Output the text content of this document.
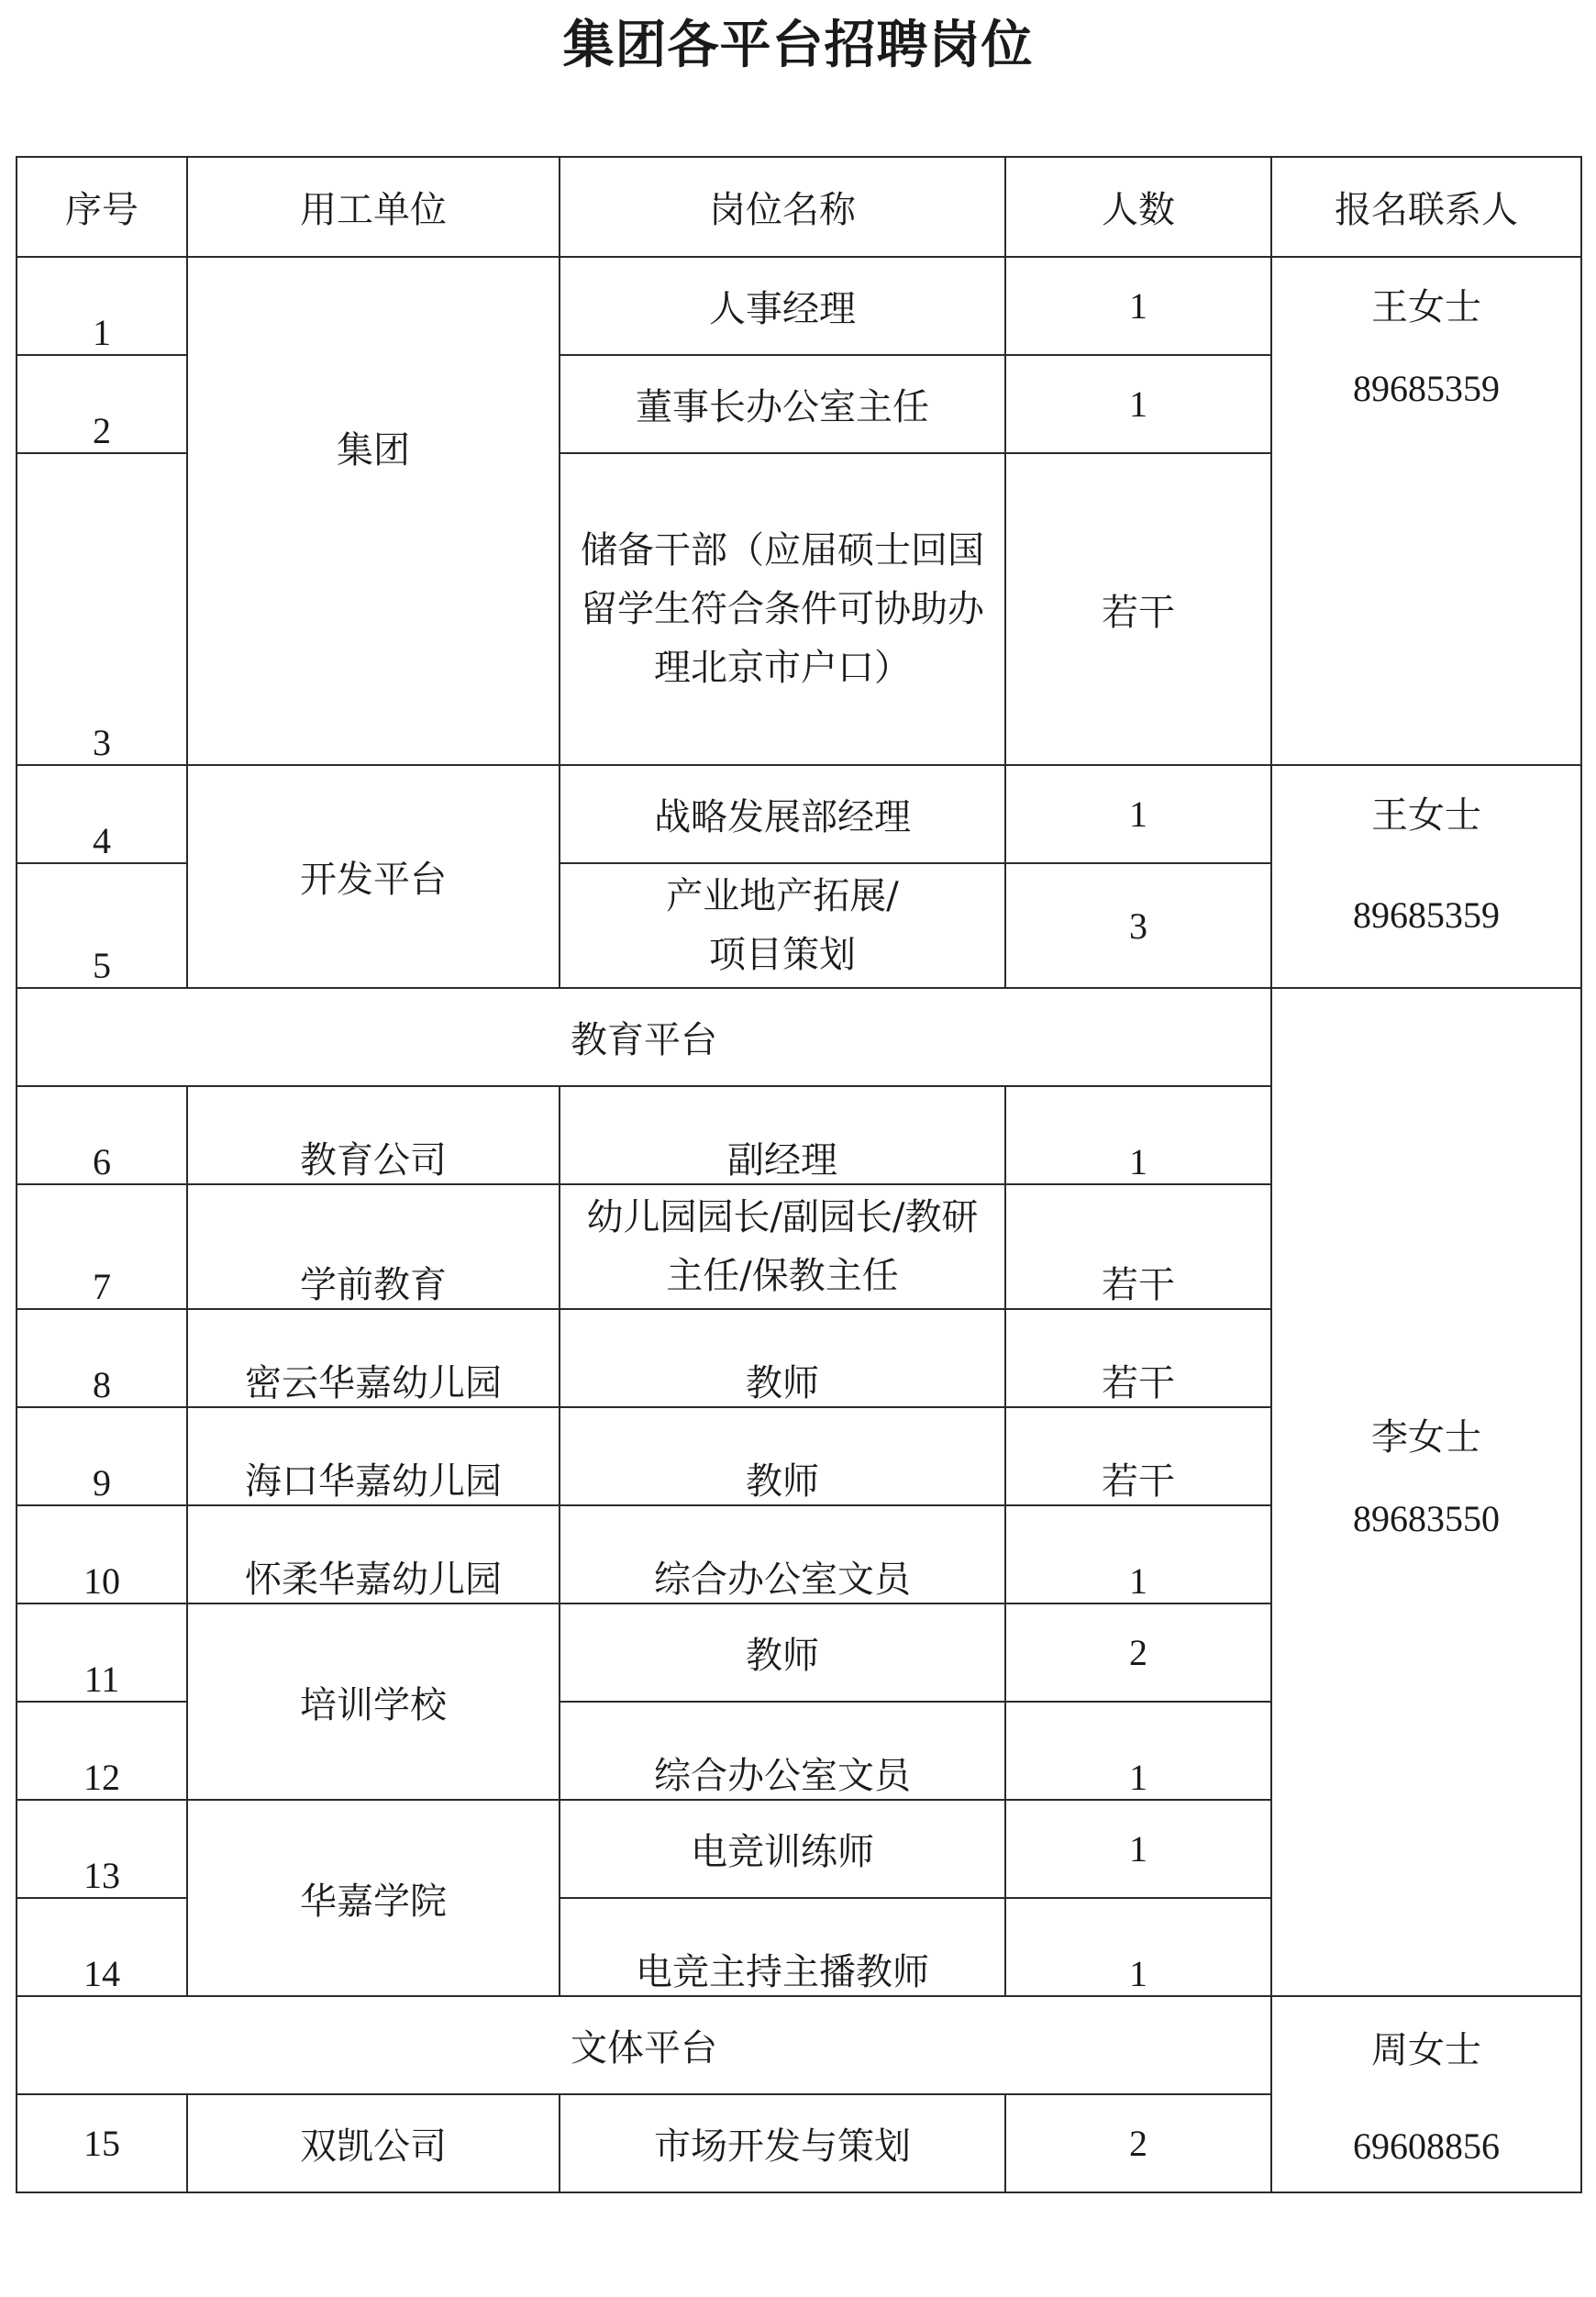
集团各平台招聘岗位
序号	用工单位	岗位名称	人数	报名联系人
1	集团	人事经理	1	王女士
89685359

2		董事长办公室主任	1	
3		储备干部（应届硕士回国留学生符合条件可协助办理北京市户口）	若干	
4	开发平台	战略发展部经理	1	王女士
89685359

5		产业地产拓展/
项目策划	3	
教育平台				李女士
89683550

6	教育公司	副经理	1	
7	学前教育	幼儿园园长/副园长/教研
主任/保教主任	若干	
8	密云华嘉幼儿园	教师	若干	
9	海口华嘉幼儿园	教师	若干	
10	怀柔华嘉幼儿园	综合办公室文员	1	
11	培训学校	教师	2	
12		综合办公室文员	1	
13	华嘉学院	电竞训练师	1	
14		电竞主持主播教师	1	
文体平台				周女士
69608856

15	双凯公司	市场开发与策划	2	
